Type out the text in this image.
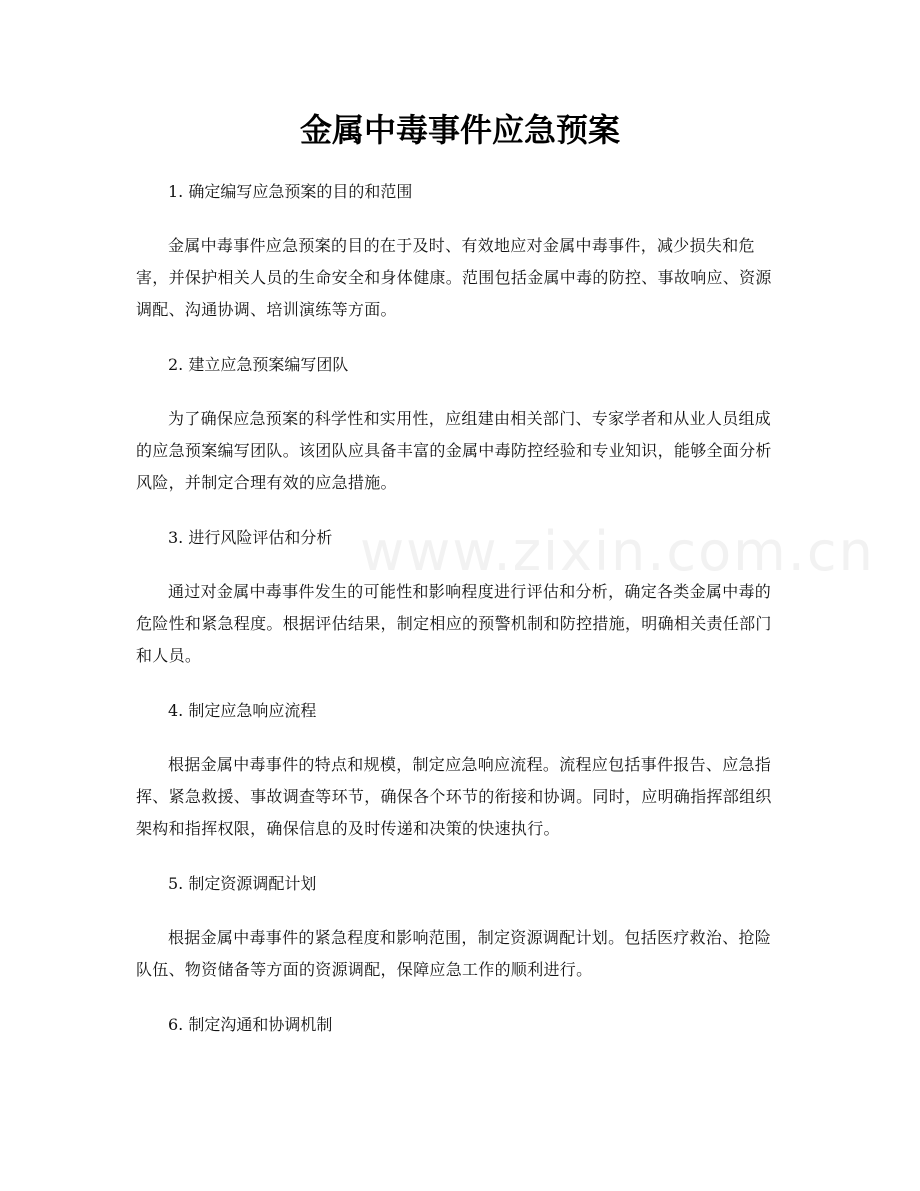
www.zixin.com.cn
金属中毒事件应急预案
1. 确定编写应急预案的目的和范围
金属中毒事件应急预案的目的在于及时、有效地应对金属中毒事件，减少损失和危害，并保护相关人员的生命安全和身体健康。范围包括金属中毒的防控、事故响应、资源调配、沟通协调、培训演练等方面。
2. 建立应急预案编写团队
为了确保应急预案的科学性和实用性，应组建由相关部门、专家学者和从业人员组成的应急预案编写团队。该团队应具备丰富的金属中毒防控经验和专业知识，能够全面分析风险，并制定合理有效的应急措施。
3. 进行风险评估和分析
通过对金属中毒事件发生的可能性和影响程度进行评估和分析，确定各类金属中毒的危险性和紧急程度。根据评估结果，制定相应的预警机制和防控措施，明确相关责任部门和人员。
4. 制定应急响应流程
根据金属中毒事件的特点和规模，制定应急响应流程。流程应包括事件报告、应急指挥、紧急救援、事故调查等环节，确保各个环节的衔接和协调。同时，应明确指挥部组织架构和指挥权限，确保信息的及时传递和决策的快速执行。
5. 制定资源调配计划
根据金属中毒事件的紧急程度和影响范围，制定资源调配计划。包括医疗救治、抢险队伍、物资储备等方面的资源调配，保障应急工作的顺利进行。
6. 制定沟通和协调机制
